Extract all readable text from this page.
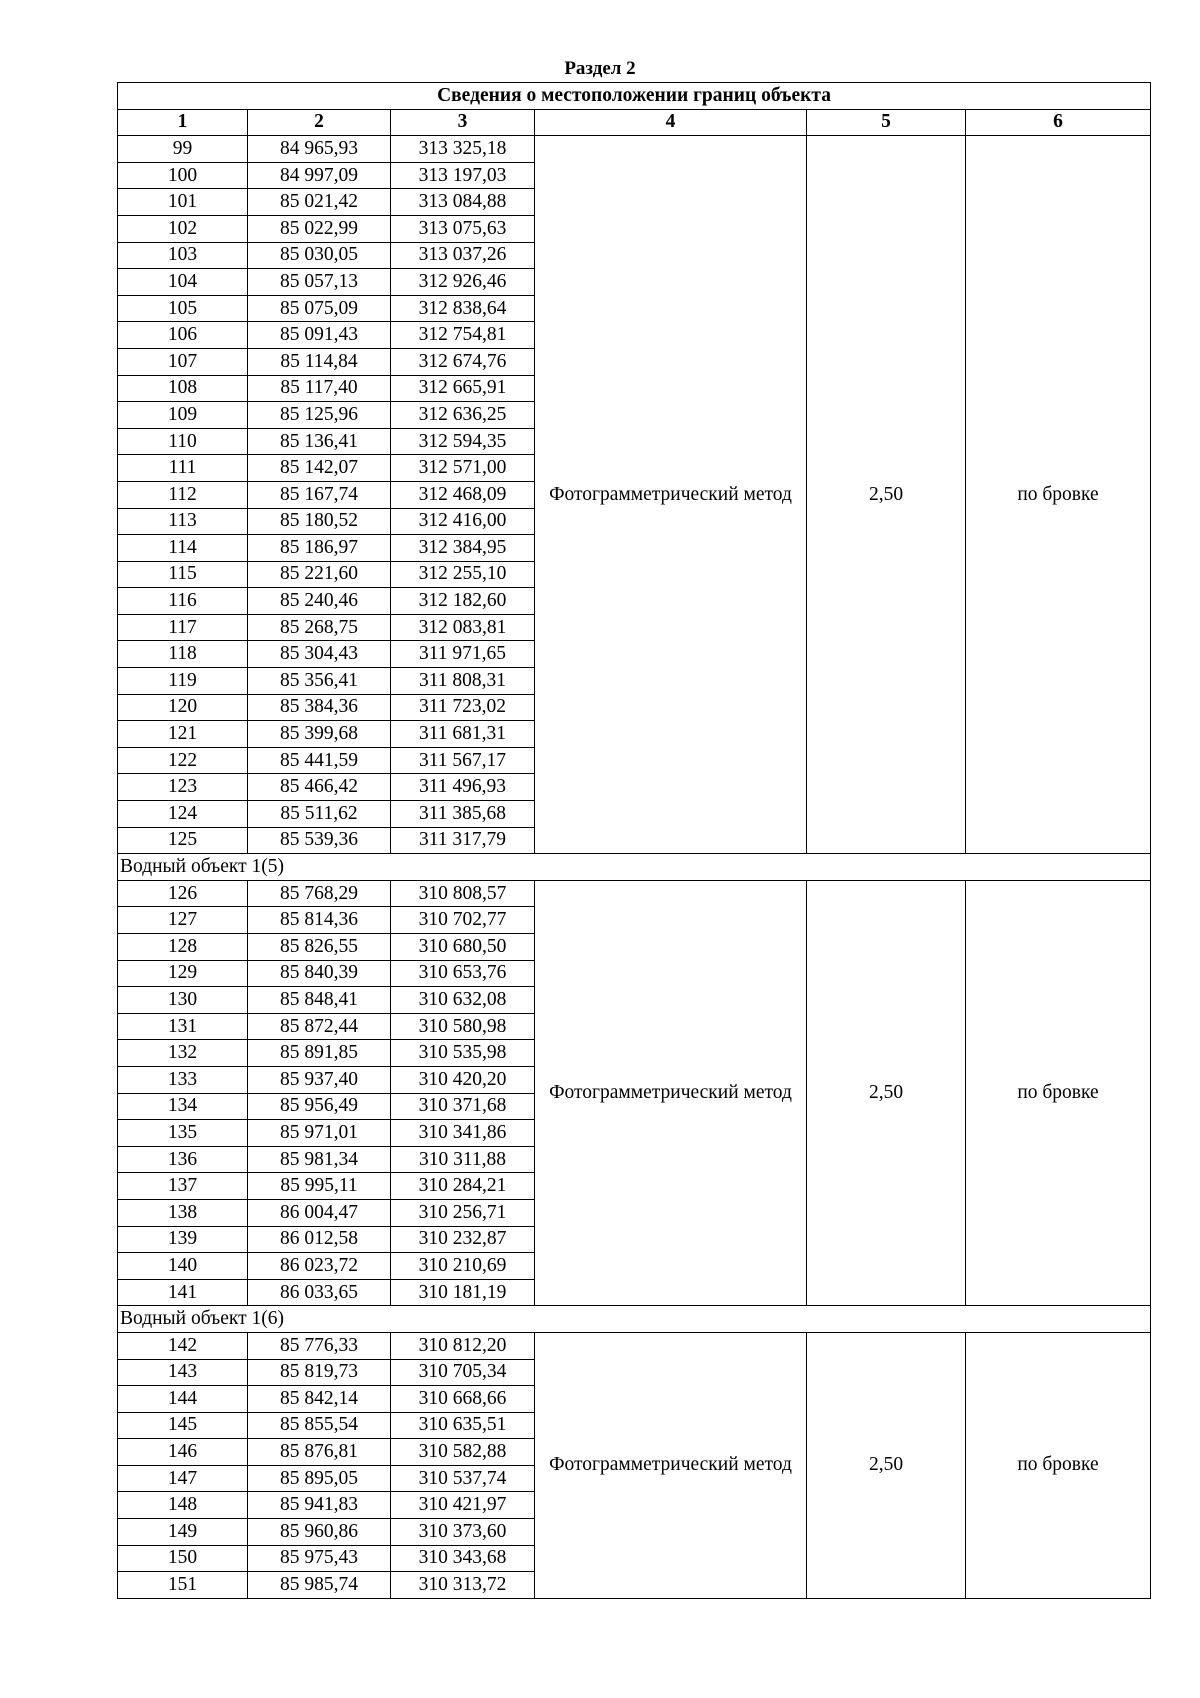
Раздел 2
Сведения о местоположении границ объекта					
1	2	3	4	5	6
99	84 965,93	313 325,18	Фотограмметрический метод	2,50	по бровке
100	84 997,09	313 197,03			
101	85 021,42	313 084,88			
102	85 022,99	313 075,63			
103	85 030,05	313 037,26			
104	85 057,13	312 926,46			
105	85 075,09	312 838,64			
106	85 091,43	312 754,81			
107	85 114,84	312 674,76			
108	85 117,40	312 665,91			
109	85 125,96	312 636,25			
110	85 136,41	312 594,35			
111	85 142,07	312 571,00			
112	85 167,74	312 468,09			
113	85 180,52	312 416,00			
114	85 186,97	312 384,95			
115	85 221,60	312 255,10			
116	85 240,46	312 182,60			
117	85 268,75	312 083,81			
118	85 304,43	311 971,65			
119	85 356,41	311 808,31			
120	85 384,36	311 723,02			
121	85 399,68	311 681,31			
122	85 441,59	311 567,17			
123	85 466,42	311 496,93			
124	85 511,62	311 385,68			
125	85 539,36	311 317,79			
Водный объект 1(5)					
126	85 768,29	310 808,57	Фотограмметрический метод	2,50	по бровке
127	85 814,36	310 702,77			
128	85 826,55	310 680,50			
129	85 840,39	310 653,76			
130	85 848,41	310 632,08			
131	85 872,44	310 580,98			
132	85 891,85	310 535,98			
133	85 937,40	310 420,20			
134	85 956,49	310 371,68			
135	85 971,01	310 341,86			
136	85 981,34	310 311,88			
137	85 995,11	310 284,21			
138	86 004,47	310 256,71			
139	86 012,58	310 232,87			
140	86 023,72	310 210,69			
141	86 033,65	310 181,19			
Водный объект 1(6)					
142	85 776,33	310 812,20	Фотограмметрический метод	2,50	по бровке
143	85 819,73	310 705,34			
144	85 842,14	310 668,66			
145	85 855,54	310 635,51			
146	85 876,81	310 582,88			
147	85 895,05	310 537,74			
148	85 941,83	310 421,97			
149	85 960,86	310 373,60			
150	85 975,43	310 343,68			
151	85 985,74	310 313,72			
